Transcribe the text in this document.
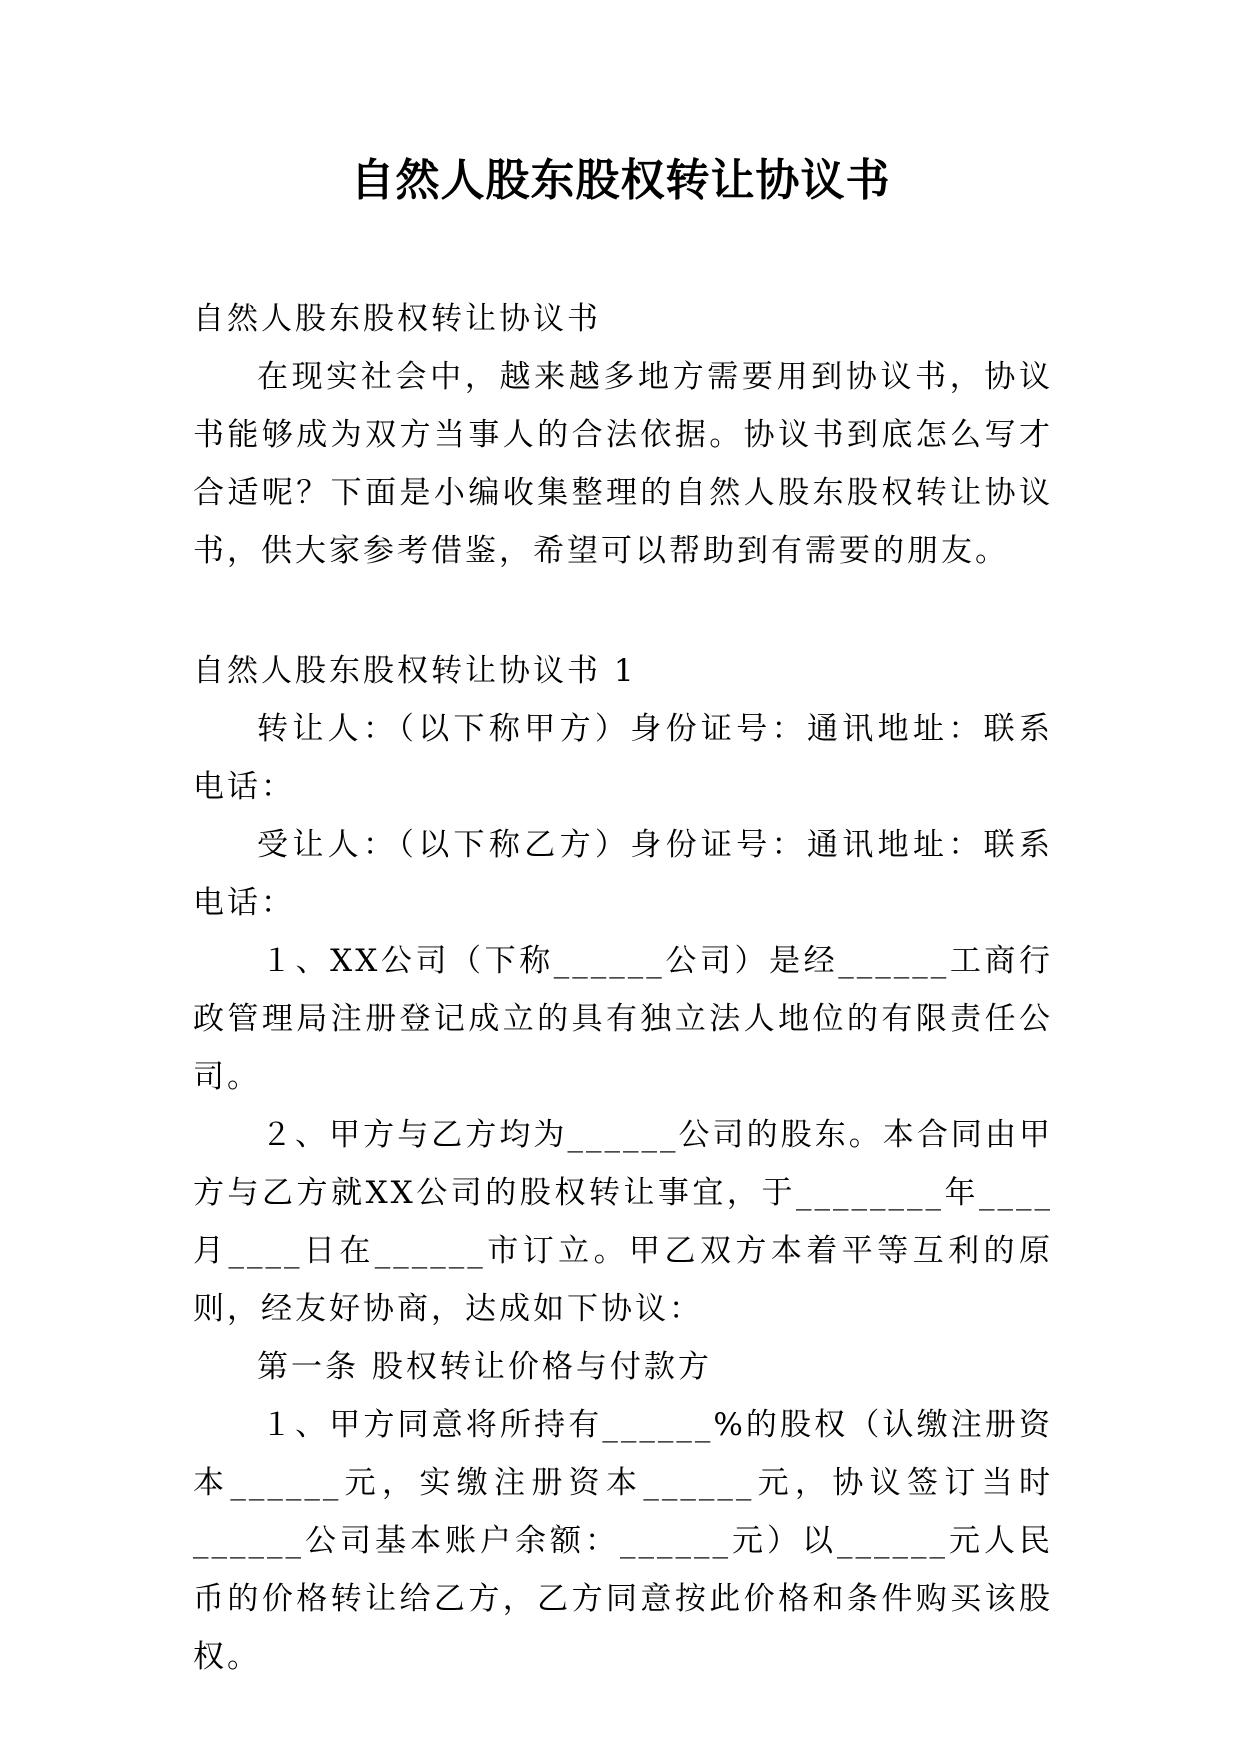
自然人股东股权转让协议书

自然人股东股权转让协议书

在现实社会中，越来越多地方需要用到协议书，协议书能够成为双方当事人的合法依据。协议书到底怎么写才合适呢？下面是小编收集整理的自然人股东股权转让协议书，供大家参考借鉴，希望可以帮助到有需要的朋友。

自然人股东股权转让协议书 1

转让人：（以下称甲方）身份证号：通讯地址：联系电话：

受让人：（以下称乙方）身份证号：通讯地址：联系电话：

１、XX公司（下称______公司）是经______工商行政管理局注册登记成立的具有独立法人地位的有限责任公司。

２、甲方与乙方均为______公司的股东。本合同由甲方与乙方就XX公司的股权转让事宜，于________年____月____日在______市订立。甲乙双方本着平等互利的原则，经友好协商，达成如下协议：

第一条 股权转让价格与付款方

１、甲方同意将所持有______%的股权（认缴注册资本______元，实缴注册资本______元，协议签订当时______公司基本账户余额：______元）以______元人民币的价格转让给乙方，乙方同意按此价格和条件购买该股权。
